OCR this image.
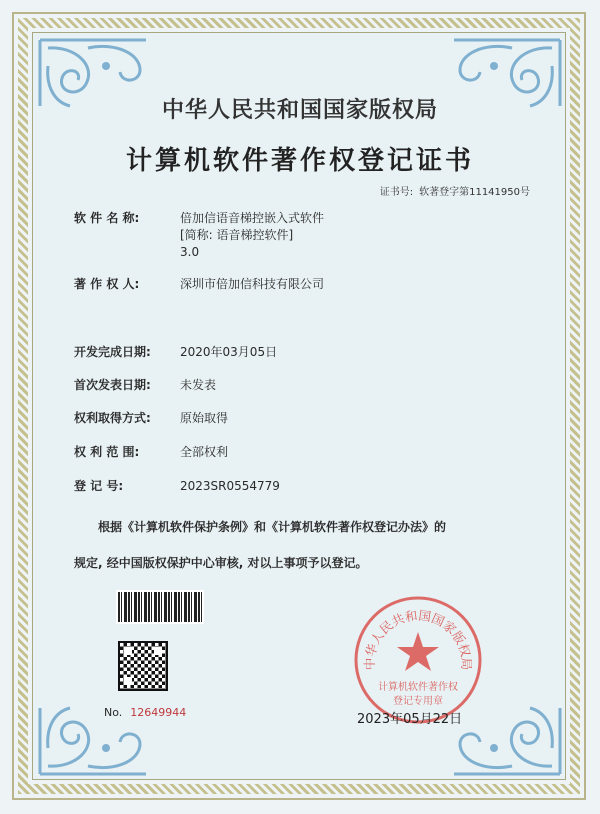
中华人民共和国国家版权局
计算机软件著作权登记证书
证书号: 软著登字第11141950号
软 件 名 称:	倍加信语音梯控嵌入式软件
[简称: 语音梯控软件]
3.0
著 作 权 人:	深圳市倍加信科技有限公司
开发完成日期: 2020年03月05日
首次发表日期: 未发表
权利取得方式: 原始取得
权 利 范 围:	全部权利
登 记 号:	2023SR0554779
根据《计算机软件保护条例》和《计算机软件著作权登记办法》的
规定, 经中国版权保护中心审核, 对以上事项予以登记。
No. 12649944
中华人民共和国国家版权局
计算机软件著作权
登记专用章
2023年05月22日
